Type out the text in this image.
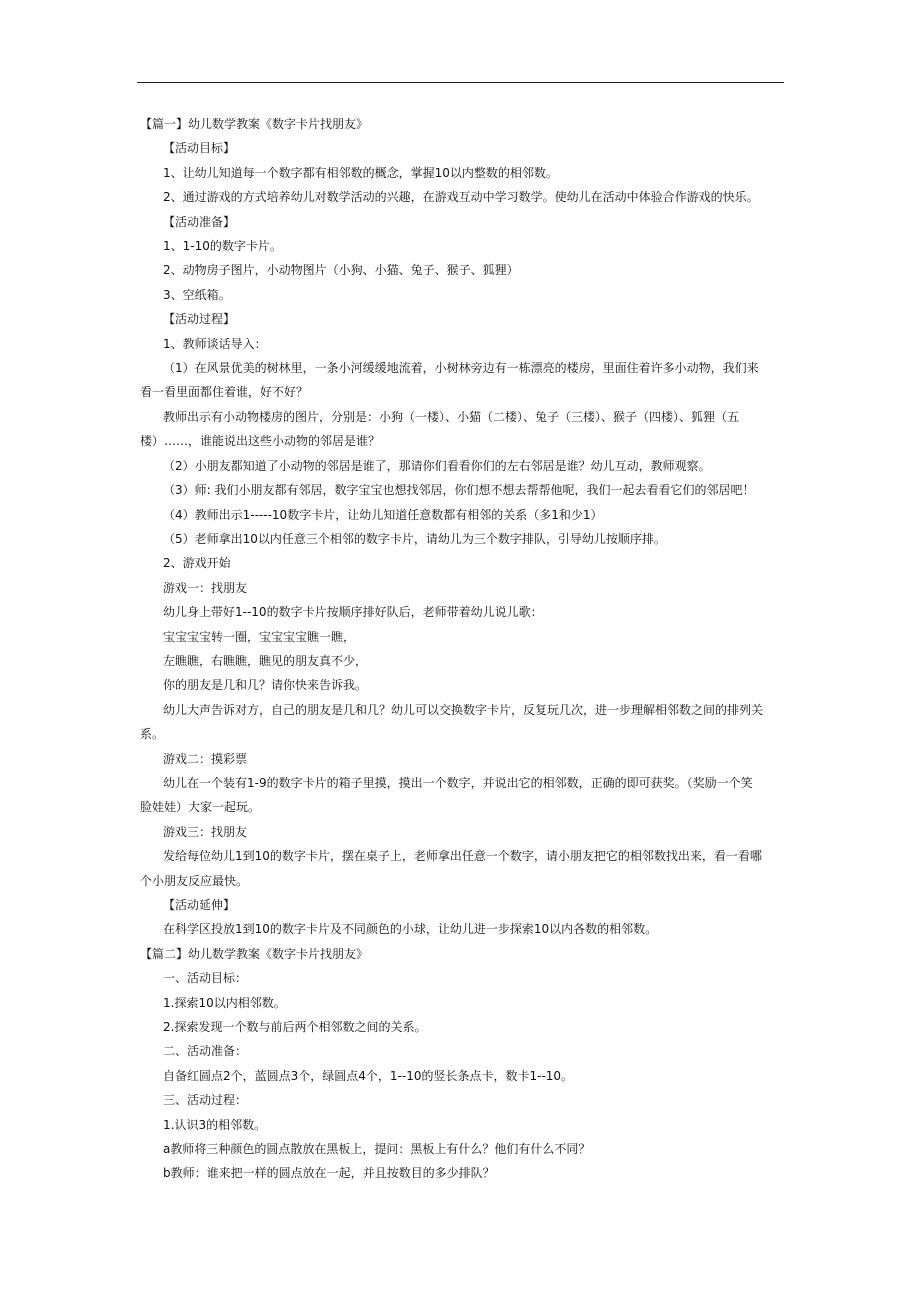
【篇一】幼儿数学教案《数字卡片找朋友》
【活动目标】
1、让幼儿知道每一个数字都有相邻数的概念，掌握10以内整数的相邻数。
2、通过游戏的方式培养幼儿对数学活动的兴趣，在游戏互动中学习数学。使幼儿在活动中体验合作游戏的快乐。
【活动准备】
1、1-10的数字卡片。
2、动物房子图片，小动物图片（小狗、小猫、兔子、猴子、狐狸）
3、空纸箱。
【活动过程】
1、教师谈话导入：
（1）在风景优美的树林里，一条小河缓缓地流着，小树林旁边有一栋漂亮的楼房，里面住着许多小动物，我们来
看一看里面都住着谁，好不好？
教师出示有小动物楼房的图片，分别是：小狗（一楼）、小猫（二楼）、兔子（三楼）、猴子（四楼）、狐狸（五
楼）……，谁能说出这些小动物的邻居是谁？
（2）小朋友都知道了小动物的邻居是谁了，那请你们看看你们的左右邻居是谁？幼儿互动，教师观察。
（3）师: 我们小朋友都有邻居，数字宝宝也想找邻居，你们想不想去帮帮他呢，我们一起去看看它们的邻居吧！
（4）教师出示1-----10数字卡片，让幼儿知道任意数都有相邻的关系（多1和少1）
（5）老师拿出10以内任意三个相邻的数字卡片，请幼儿为三个数字排队，引导幼儿按顺序排。
2、游戏开始
游戏一：找朋友
幼儿身上带好1--10的数字卡片按顺序排好队后，老师带着幼儿说儿歌：
宝宝宝宝转一圈，宝宝宝宝瞧一瞧，
左瞧瞧，右瞧瞧，瞧见的朋友真不少，
你的朋友是几和几？请你快来告诉我。
幼儿大声告诉对方，自己的朋友是几和几？幼儿可以交换数字卡片，反复玩几次，进一步理解相邻数之间的排列关
系。
游戏二：摸彩票
幼儿在一个装有1-9的数字卡片的箱子里摸，摸出一个数字，并说出它的相邻数，正确的即可获奖。（奖励一个笑
脸娃娃）大家一起玩。
游戏三：找朋友
发给每位幼儿1到10的数字卡片，摆在桌子上，老师拿出任意一个数字，请小朋友把它的相邻数找出来，看一看哪
个小朋友反应最快。
【活动延伸】
在科学区投放1到10的数字卡片及不同颜色的小球，让幼儿进一步探索10以内各数的相邻数。
【篇二】幼儿数学教案《数字卡片找朋友》
一、活动目标：
1.探索10以内相邻数。
2.探索发现一个数与前后两个相邻数之间的关系。
二、活动准备：
自备红圆点2个，蓝圆点3个，绿圆点4个，1--10的竖长条点卡，数卡1--10。
三、活动过程：
1.认识3的相邻数。
a教师将三种颜色的圆点散放在黑板上，提问：黑板上有什么？他们有什么不同？
b教师：谁来把一样的圆点放在一起，并且按数目的多少排队？
